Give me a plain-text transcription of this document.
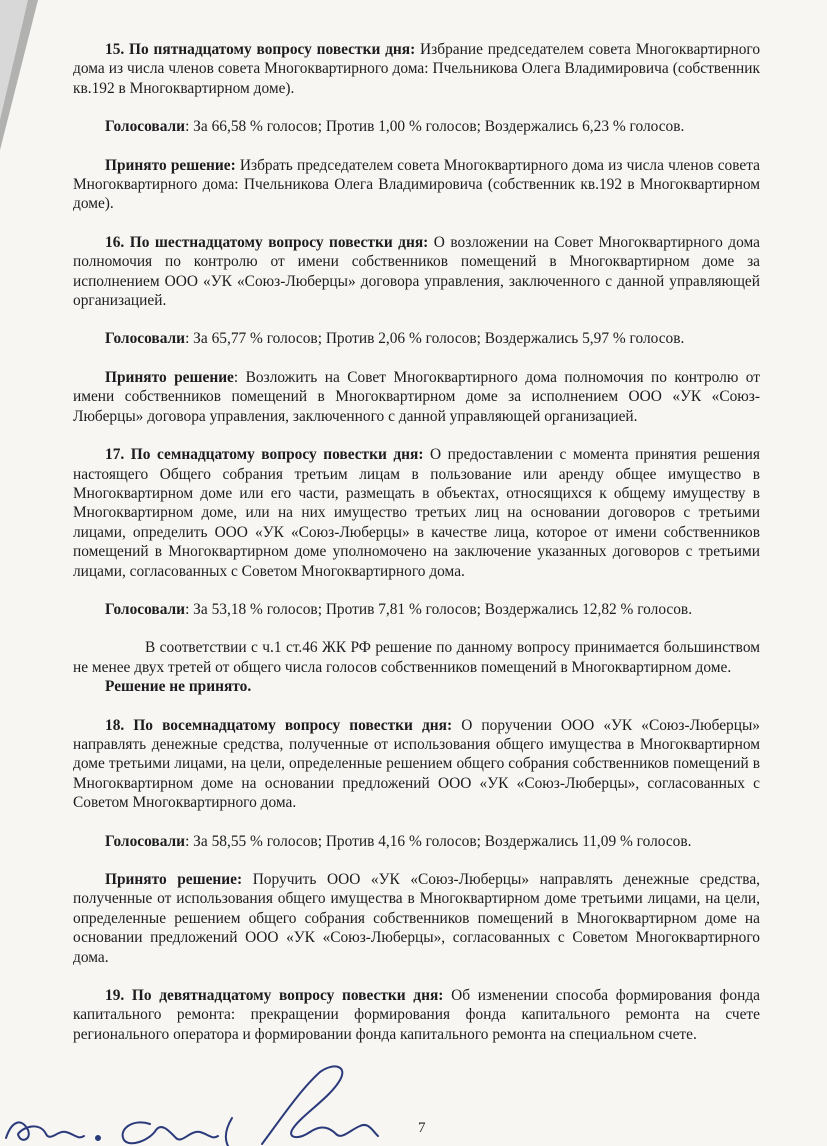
15. По пятнадцатому вопросу повестки дня: Избрание председателем совета Многоквартирного дома из числа членов совета Многоквартирного дома: Пчельникова Олега Владимировича (собственник кв.192 в Многоквартирном доме).

Голосовали: За 66,58 % голосов; Против 1,00 % голосов; Воздержались 6,23 % голосов.

Принято решение: Избрать председателем совета Многоквартирного дома из числа членов совета Многоквартирного дома: Пчельникова Олега Владимировича (собственник кв.192 в Многоквартирном доме).

16. По шестнадцатому вопросу повестки дня: О возложении на Совет Многоквартирного дома полномочия по контролю от имени собственников помещений в Многоквартирном доме за исполнением ООО «УК «Союз-Люберцы» договора управления, заключенного с данной управляющей организацией.

Голосовали: За 65,77 % голосов; Против 2,06 % голосов; Воздержались 5,97 % голосов.

Принято решение: Возложить на Совет Многоквартирного дома полномочия по контролю от имени собственников помещений в Многоквартирном доме за исполнением ООО «УК «Союз-Люберцы» договора управления, заключенного с данной управляющей организацией.

17. По семнадцатому вопросу повестки дня: О предоставлении с момента принятия решения настоящего Общего собрания третьим лицам в пользование или аренду общее имущество в Многоквартирном доме или его части, размещать в объектах, относящихся к общему имуществу в Многоквартирном доме, или на них имущество третьих лиц на основании договоров с третьими лицами, определить ООО «УК «Союз-Люберцы» в качестве лица, которое от имени собственников помещений в Многоквартирном доме уполномочено на заключение указанных договоров с третьими лицами, согласованных с Советом Многоквартирного дома.

Голосовали: За 53,18 % голосов; Против 7,81 % голосов; Воздержались 12,82 % голосов.

В соответствии с ч.1 ст.46 ЖК РФ решение по данному вопросу принимается большинством не менее двух третей от общего числа голосов собственников помещений в Многоквартирном доме.

Решение не принято.

18. По восемнадцатому вопросу повестки дня: О поручении ООО «УК «Союз-Люберцы» направлять денежные средства, полученные от использования общего имущества в Многоквартирном доме третьими лицами, на цели, определенные решением общего собрания собственников помещений в Многоквартирном доме на основании предложений ООО «УК «Союз-Люберцы», согласованных с Советом Многоквартирного дома.

Голосовали: За 58,55 % голосов; Против 4,16 % голосов; Воздержались 11,09 % голосов.

Принято решение: Поручить ООО «УК «Союз-Люберцы» направлять денежные средства, полученные от использования общего имущества в Многоквартирном доме третьими лицами, на цели, определенные решением общего собрания собственников помещений в Многоквартирном доме на основании предложений ООО «УК «Союз-Люберцы», согласованных с Советом Многоквартирного дома.

19. По девятнадцатому вопросу повестки дня: Об изменении способа формирования фонда капитального ремонта: прекращении формирования фонда капитального ремонта на счете регионального оператора и формировании фонда капитального ремонта на специальном счете.

7
